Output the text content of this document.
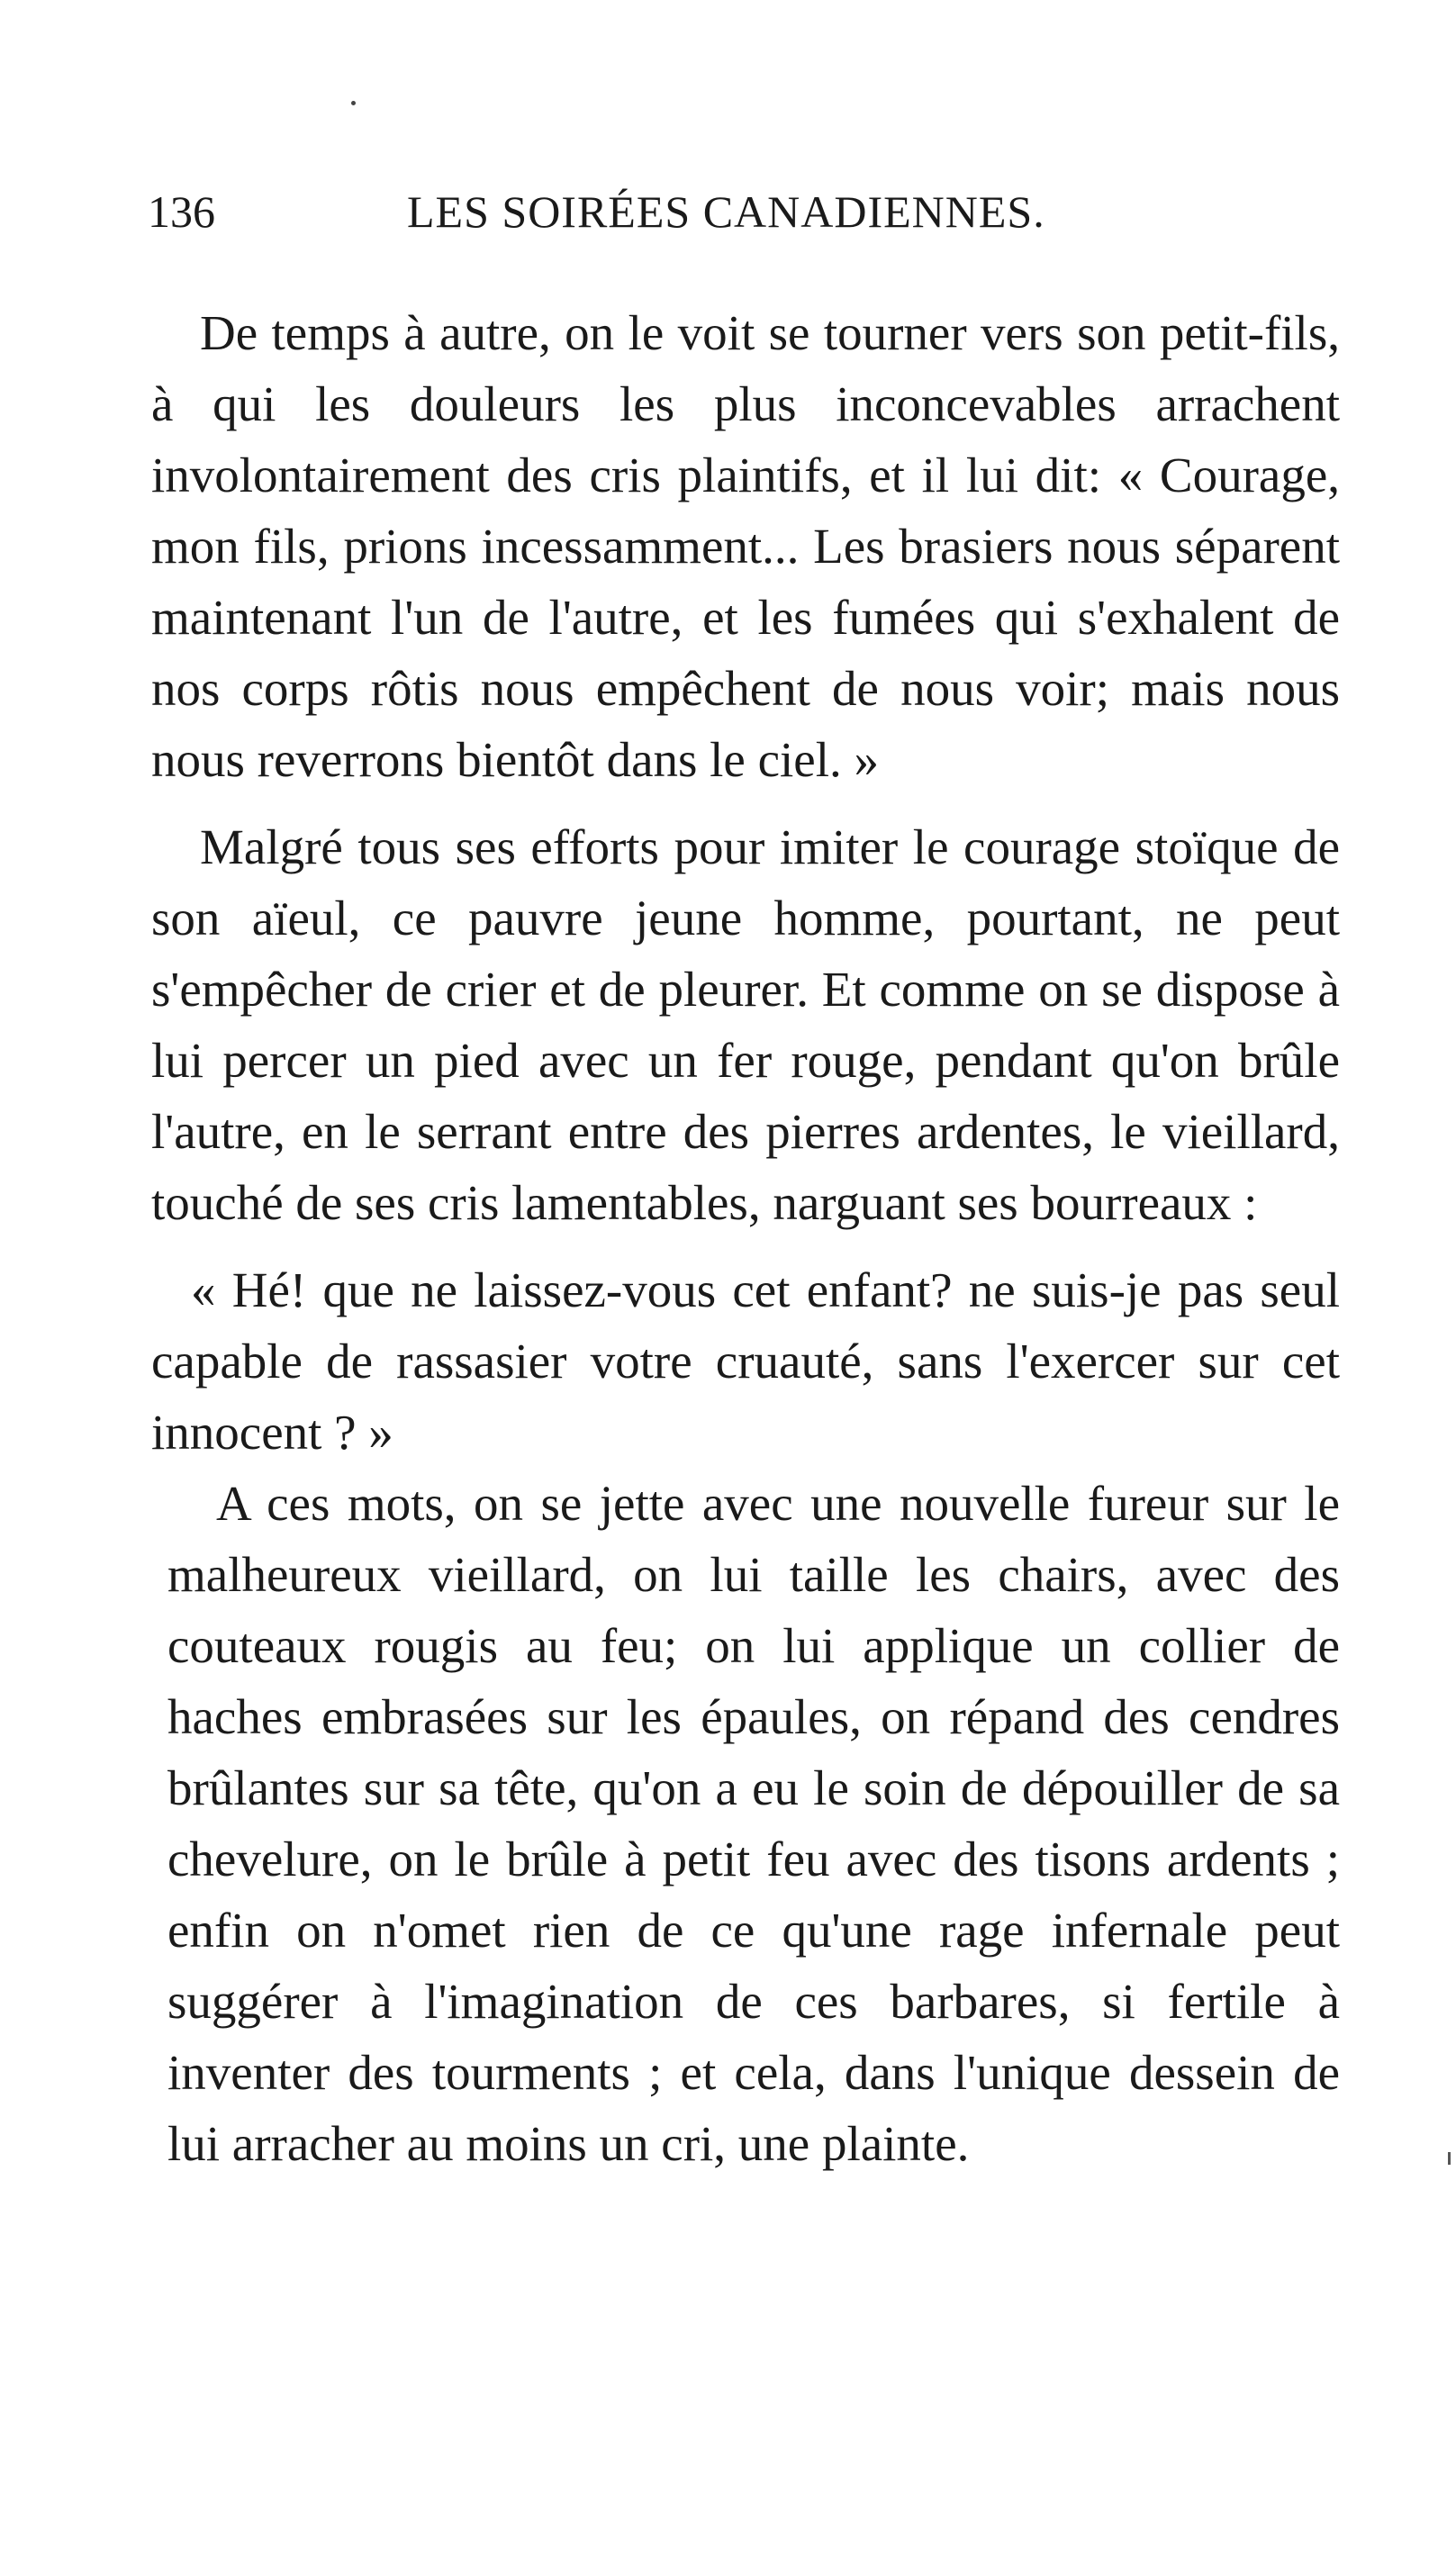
136	LES SOIRÉES CANADIENNES.

De temps à autre, on le voit se tourner vers son petit-fils, à qui les douleurs les plus inconcevables arrachent involontairement des cris plaintifs, et il lui dit: « Courage, mon fils, prions incessamment... Les brasiers nous séparent maintenant l'un de l'autre, et les fumées qui s'exhalent de nos corps rôtis nous empêchent de nous voir; mais nous nous reverrons bientôt dans le ciel. »

Malgré tous ses efforts pour imiter le courage stoïque de son aïeul, ce pauvre jeune homme, pourtant, ne peut s'empêcher de crier et de pleurer. Et comme on se dispose à lui percer un pied avec un fer rouge, pendant qu'on brûle l'autre, en le serrant entre des pierres ardentes, le vieillard, touché de ses cris lamentables, narguant ses bourreaux :

« Hé! que ne laissez-vous cet enfant? ne suis-je pas seul capable de rassasier votre cruauté, sans l'exercer sur cet innocent ? »

A ces mots, on se jette avec une nouvelle fureur sur le malheureux vieillard, on lui taille les chairs, avec des couteaux rougis au feu; on lui applique un collier de haches embrasées sur les épaules, on répand des cendres brûlantes sur sa tête, qu'on a eu le soin de dépouiller de sa chevelure, on le brûle à petit feu avec des tisons ardents ; enfin on n'omet rien de ce qu'une rage infernale peut suggérer à l'imagination de ces barbares, si fertile à inventer des tourments ; et cela, dans l'unique dessein de lui arracher au moins un cri, une plainte.
